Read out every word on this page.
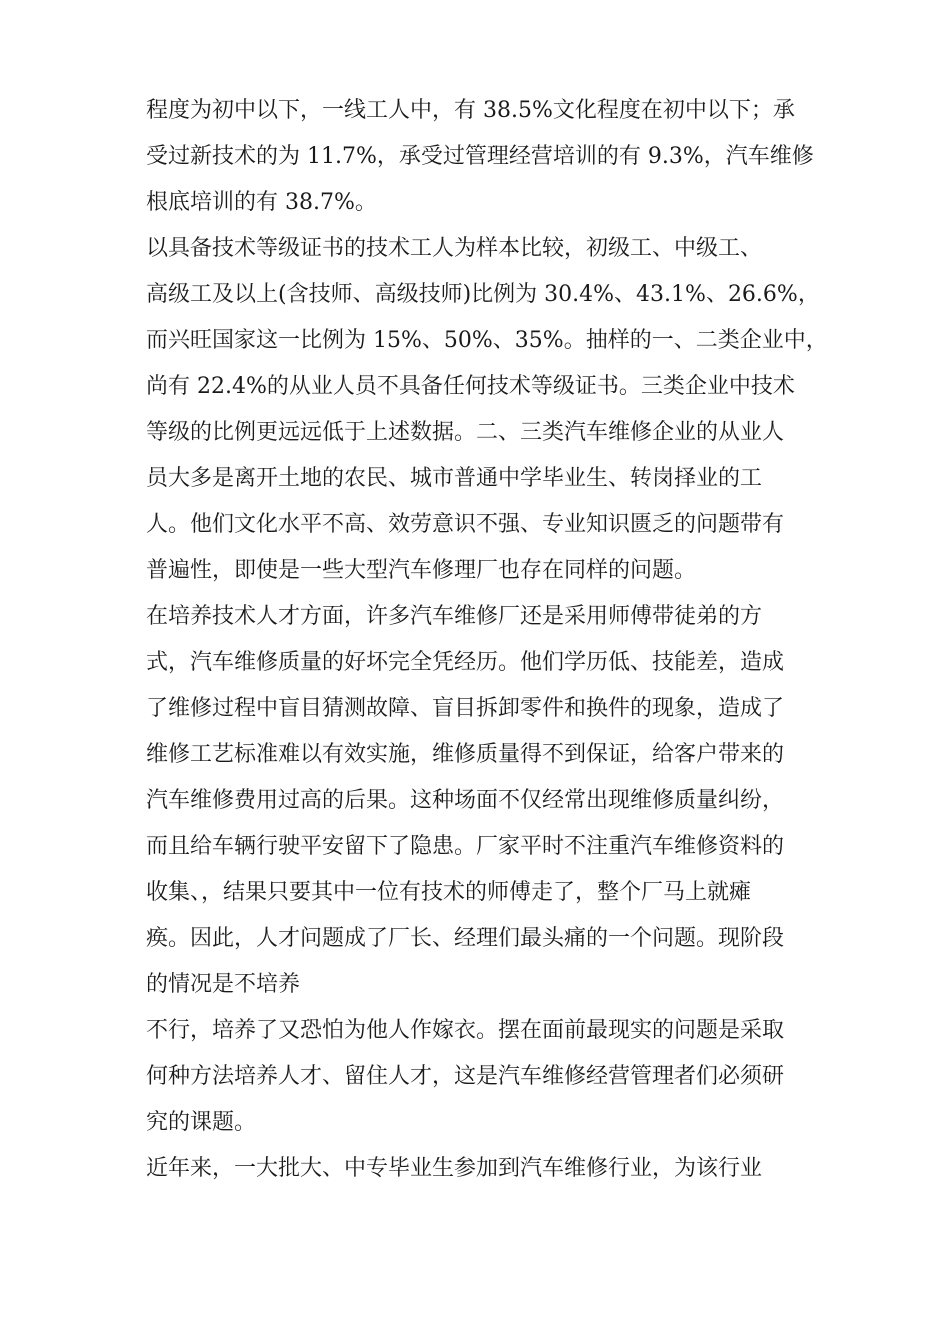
程度为初中以下，一线工人中，有 38.5%文化程度在初中以下；承
受过新技术的为 11.7%，承受过管理经营培训的有 9.3%，汽车维修
根底培训的有 38.7%。
以具备技术等级证书的技术工人为样本比较，初级工、中级工、
高级工及以上(含技师、高级技师)比例为 30.4%、43.1%、26.6%，
而兴旺国家这一比例为 15%、50%、35%。抽样的一、二类企业中，
尚有 22.4%的从业人员不具备任何技术等级证书。三类企业中技术
等级的比例更远远低于上述数据。二、三类汽车维修企业的从业人
员大多是离开土地的农民、城市普通中学毕业生、转岗择业的工
人。他们文化水平不高、效劳意识不强、专业知识匮乏的问题带有
普遍性，即使是一些大型汽车修理厂也存在同样的问题。
在培养技术人才方面，许多汽车维修厂还是采用师傅带徒弟的方
式，汽车维修质量的好坏完全凭经历。他们学历低、技能差，造成
了维修过程中盲目猜测故障、盲目拆卸零件和换件的现象，造成了
维修工艺标准难以有效实施，维修质量得不到保证，给客户带来的
汽车维修费用过高的后果。这种场面不仅经常出现维修质量纠纷，
而且给车辆行驶平安留下了隐患。厂家平时不注重汽车维修资料的
收集、，结果只要其中一位有技术的师傅走了，整个厂马上就瘫
痪。因此，人才问题成了厂长、经理们最头痛的一个问题。现阶段
的情况是不培养
不行，培养了又恐怕为他人作嫁衣。摆在面前最现实的问题是采取
何种方法培养人才、留住人才，这是汽车维修经营管理者们必须研
究的课题。
近年来，一大批大、中专毕业生参加到汽车维修行业，为该行业
